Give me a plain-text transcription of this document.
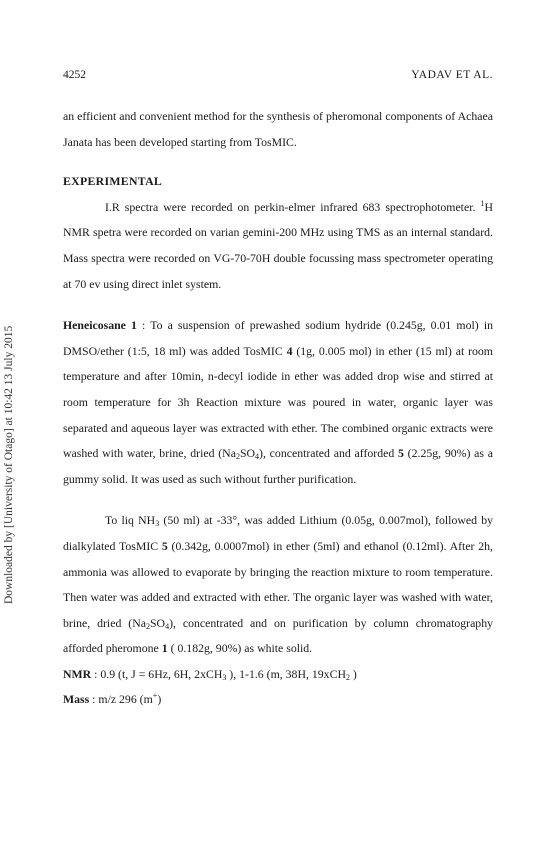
4252	YADAV ET AL.
Downloaded by [University of Otago] at 10:42 13 July 2015

an efficient and convenient method for the synthesis of pheromonal components of Achaea Janata has been developed starting from TosMIC.

EXPERIMENTAL

I.R spectra were recorded on perkin-elmer infrared 683 spectrophotometer. $^1$H NMR spetra were recorded on varian gemini-200 MHz using TMS as an internal standard. Mass spectra were recorded on VG-70-70H double focussing mass spectrometer operating at 70 ev using direct inlet system.

Heneicosane 1 : To a suspension of prewashed sodium hydride (0.245g, 0.01 mol) in DMSO/ether (1:5, 18 ml) was added TosMIC 4 (1g, 0.005 mol) in ether (15 ml) at room temperature and after 10min, n-decyl iodide in ether was added drop wise and stirred at room temperature for 3h Reaction mixture was poured in water, organic layer was separated and aqueous layer was extracted with ether. The combined organic extracts were washed with water, brine, dried $(Na_2SO_4)$, concentrated and afforded 5 (2.25g, 90%) as a gummy solid. It was used as such without further purification.

To liq $NH_3$ (50 ml) at -33°, was added Lithium (0.05g, 0.007mol), followed by dialkylated TosMIC 5 (0.342g, 0.0007mol) in ether (5ml) and ethanol (0.12ml). After 2h, ammonia was allowed to evaporate by bringing the reaction mixture to room temperature. Then water was added and extracted with ether. The organic layer was washed with water, brine, dried $(Na_2SO_4)$, concentrated and on purification by column chromatography afforded pheromone 1 ( 0.182g, 90%) as white solid.

NMR : 0.9 (t, J = 6Hz, 6H, 2xCH$_3$ ), 1-1.6 (m, 38H, 19xCH$_2$ )

Mass : m/z 296 (m+)
